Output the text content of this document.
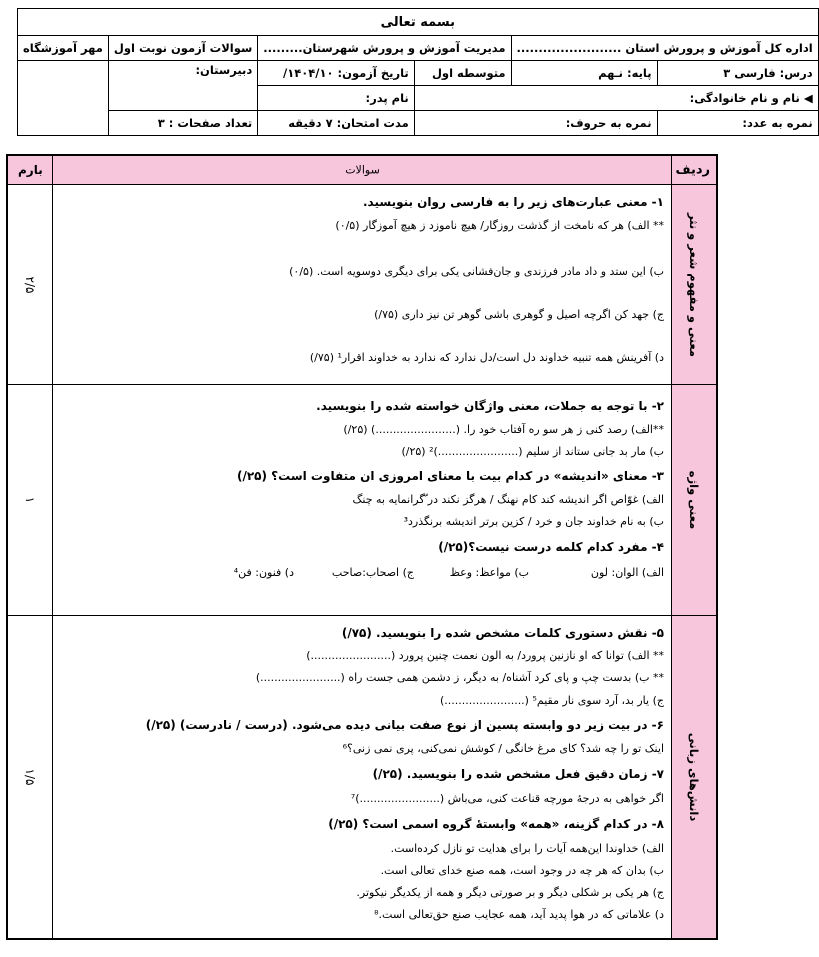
بسمه تعالی					
اداره کل آموزش و پرورش استان ........................		مدیریت آموزش و پرورش شهرستان.........		سوالات آزمون نوبت اول	مهر آموزشگاه
درس: فارسی ۳	پایه: نـهم	متوسطه اول	تاریخ آزمون: ۱۴۰۴/۱۰/	دبیرستان:	
◀ نام و نام خانوادگی:			نام پدر:		
نمره به عدد:	نمره به حروف:		مدت امتحان: ۷ دقیقه	تعداد صفحات : ۳	
ردیف
سوالات
بارم
معنی و مفهوم شعر و نثر
۱- معنی عبارت‌های زیر را به فارسی روان بنویسید.
** الف) هر که نامخت از گذشت روزگار/ هیچ ناموزد ز هیچ آموزگار (۰/۵)
ب) این ستد و داد مادر فرزندی و جان‌فشانی یکی برای دیگری دوسویه است. (۰/۵)
ج) جهد کن اگرچه اصیل و گوهری باشی گوهر تن نیز داری (۷۵/)
د) آفرینش همه تنبیه خداوند دل است/دل ندارد که ندارد به خداوند اقرار¹ (۷۵/)
۲/۵
معنی واژه
۲- با توجه به جملات، معنی واژگان خواسته شده را بنویسید.
**الف) رصد کنی ز هر سو ره آفتاب خود را. (.......................) (۲۵/)
ب) مار بد جانی ستاند از سلیم (.......................)² (۲۵/)
۳- معنای «اندیشه» در کدام بیت با معنای امروزی ان متفاوت است؟ (۲۵/)
الف) غوّاص اگر اندیشه کند کام نهنگ / هرگز نکند در ّگرانمایه به چنگ
ب) به نام خداوند جان و خرد / کزین برتر اندیشه برنگذرد³
۴- مفرد کدام کلمه درست نیست؟(۲۵/)
الف) الوان: لون
ب) مواعظ: وعظ
ج) اصحاب:صاحب
د) فنون: فن⁴
۱
دانش‌های زبانی
۵- نقش دستوری کلمات مشخص شده را بنویسید. (۷۵/)
** الف) توانا که او نازنین پرورد/ به الون نعمت چنین پرورد (.......................)
** ب) بدست چپ و پای کرد آشناه/ به دیگر، ز دشمن همی جست راه (.......................)
ج) یار بد، آرد سوی نار مقیم⁵ (.......................)
۶- در بیت زیر دو وابسته پسین از نوع صفت بیانی دیده می‌شود. (درست / نادرست) (۲۵/)
اینک تو را چه شد؟ کای مرغ خانگی / کوشش نمی‌کنی، پری نمی زنی؟⁶
۷- زمان دقیق فعل مشخص شده را بنویسید. (۲۵/)
اگر خواهی به درجهٔ مورچه قناعت کنی، می‌باش (.......................)⁷
۸- در کدام گزینه، «همه» وابستهٔ گروه اسمی است؟ (۲۵/)
الف) خداوندا این‌همه آیات را برای هدایت تو نازل کرده‌است.
ب) بدان که هر چه در وجود است، همه صنع خدای تعالی است.
ج) هر یکی بر شکلی دیگر و بر صورتی دیگر و همه از یکدیگر نیکوتر.
د) علاماتی که در هوا پدید آید، همه عجایب صنع حق‌تعالی است.⁸
۱/۵
